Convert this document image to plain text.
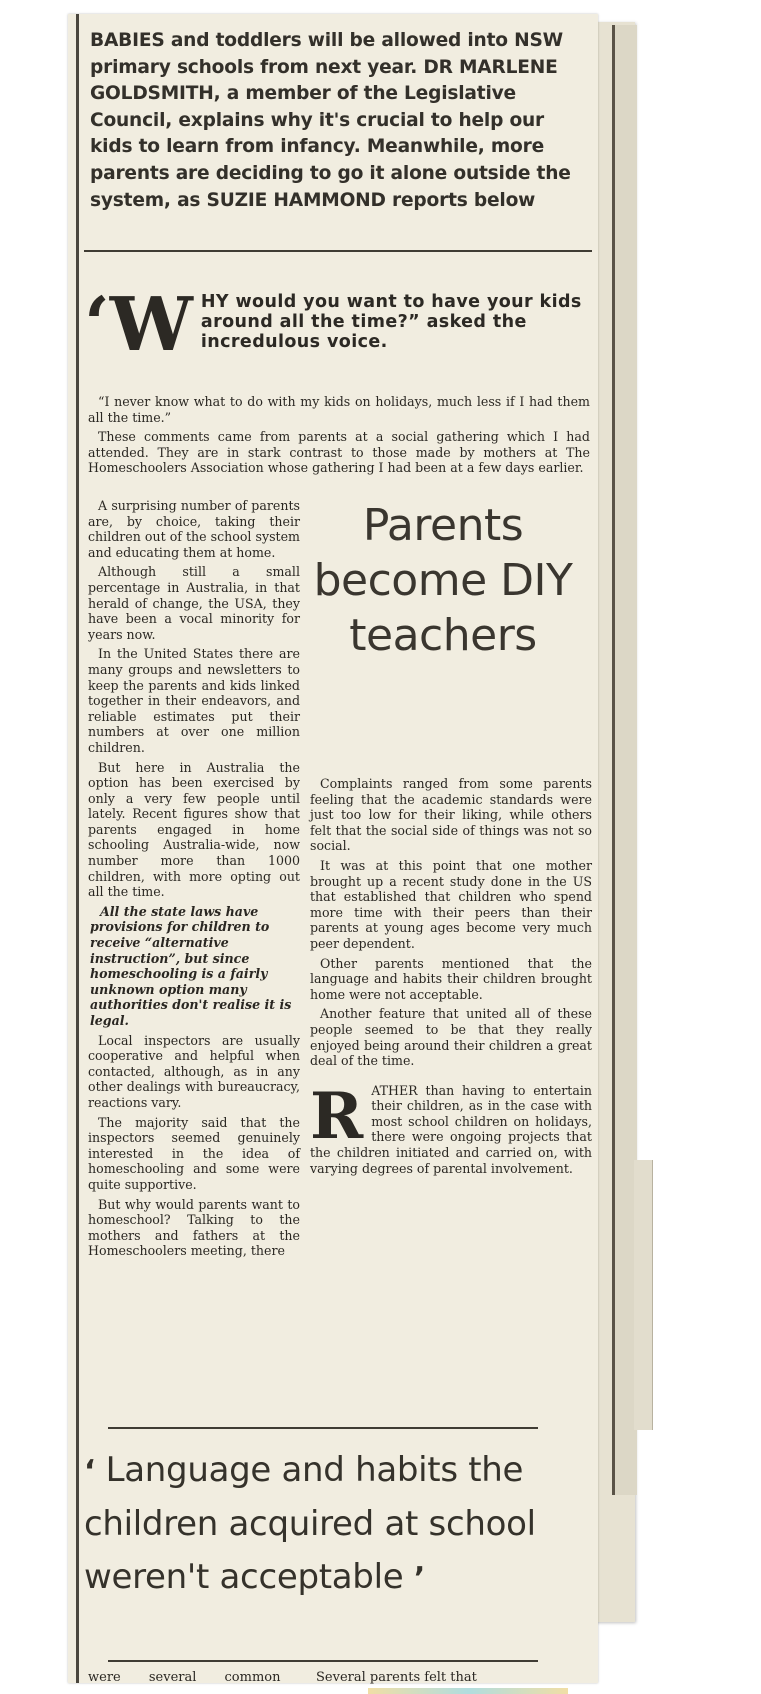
BABIES and toddlers will be allowed into NSW primary schools from next year. DR MARLENE GOLDSMITH, a member of the Legislative Council, explains why it's crucial to help our kids to learn from infancy. Meanwhile, more parents are deciding to go it alone outside the system, as SUZIE HAMMOND reports below

‘W HY would you want to have your kids around all the time?” asked the incredulous voice.

“I never know what to do with my kids on holidays, much less if I had them all the time.”

These comments came from parents at a social gathering which I had attended. They are in stark contrast to those made by mothers at The Homeschoolers Association whose gathering I had been at a few days earlier.

A surprising number of parents are, by choice, taking their children out of the school system and educating them at home.

Although still a small percentage in Australia, in that herald of change, the USA, they have been a vocal minority for years now.

In the United States there are many groups and newsletters to keep the parents and kids linked together in their endeavors, and reliable estimates put their numbers at over one million children.

But here in Australia the option has been exercised by only a very few people until lately. Recent figures show that parents engaged in home schooling Australia-wide, now number more than 1000 children, with more opting out all the time.

All the state laws have provisions for children to receive “alternative instruction”, but since homeschooling is a fairly unknown option many authorities don't realise it is legal.

Local inspectors are usually cooperative and helpful when contacted, although, as in any other dealings with bureaucracy, reactions vary.

The majority said that the inspectors seemed genuinely interested in the idea of homeschooling and some were quite supportive.

But why would parents want to homeschool? Talking to the mothers and fathers at the Homeschoolers meeting, there

Parents become DIY teachers

Complaints ranged from some parents feeling that the academic standards were just too low for their liking, while others felt that the social side of things was not so social.

It was at this point that one mother brought up a recent study done in the US that established that children who spend more time with their peers than their parents at young ages become very much peer dependent.

Other parents mentioned that the language and habits their children brought home were not acceptable.

Another feature that united all of these people seemed to be that they really enjoyed being around their children a great deal of the time.

R ATHER than having to entertain their children, as in the case with most school children on holidays, there were ongoing projects that the children initiated and carried on, with varying degrees of parental involvement.

‘ Language and habits the children acquired at school weren't acceptable ’

were several common	Several parents felt that
